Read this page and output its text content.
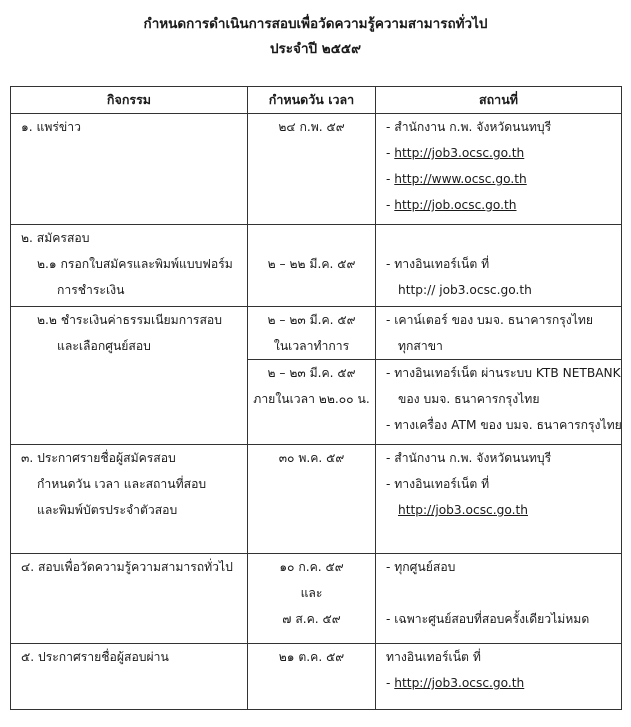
กำหนดการดำเนินการสอบเพื่อวัดความรู้ความสามารถทั่วไป
ประจำปี ๒๕๕๙
กิจกรรม	กำหนดวัน เวลา	สถานที่

๑. แพร่ข่าว	๒๔ ก.พ. ๕๙	- สำนักงาน ก.พ. จังหวัดนนทบุรี
- http://job3.ocsc.go.th
- http://www.ocsc.go.th
- http://job.ocsc.go.th

๒. สมัครสอบ
๒.๑ กรอกใบสมัครและพิมพ์แบบฟอร์ม
การชำระเงิน	๒ – ๒๒ มี.ค. ๕๙	- ทางอินเทอร์เน็ต ที่
http:// job3.ocsc.go.th

๒.๒ ชำระเงินค่าธรรมเนียมการสอบ
และเลือกศูนย์สอบ	๒ – ๒๓ มี.ค. ๕๙
ในเวลาทำการ	- เคาน์เตอร์ ของ บมจ. ธนาคารกรุงไทย
ทุกสาขา

	๒ – ๒๓ มี.ค. ๕๙
ภายในเวลา ๒๒.๐๐ น.	- ทางอินเทอร์เน็ต ผ่านระบบ KTB NETBANK
ของ บมจ. ธนาคารกรุงไทย
- ทางเครื่อง ATM ของ บมจ. ธนาคารกรุงไทย

๓. ประกาศรายชื่อผู้สมัครสอบ
กำหนดวัน เวลา และสถานที่สอบ
และพิมพ์บัตรประจำตัวสอบ	๓๐ พ.ค. ๕๙	- สำนักงาน ก.พ. จังหวัดนนทบุรี
- ทางอินเทอร์เน็ต ที่
http://job3.ocsc.go.th

๔. สอบเพื่อวัดความรู้ความสามารถทั่วไป	๑๐ ก.ค. ๕๙
และ
๗ ส.ค. ๕๙	- ทุกศูนย์สอบ
- เฉพาะศูนย์สอบที่สอบครั้งเดียวไม่หมด

๕. ประกาศรายชื่อผู้สอบผ่าน	๒๑ ต.ค. ๕๙	ทางอินเทอร์เน็ต ที่
- http://job3.ocsc.go.th
